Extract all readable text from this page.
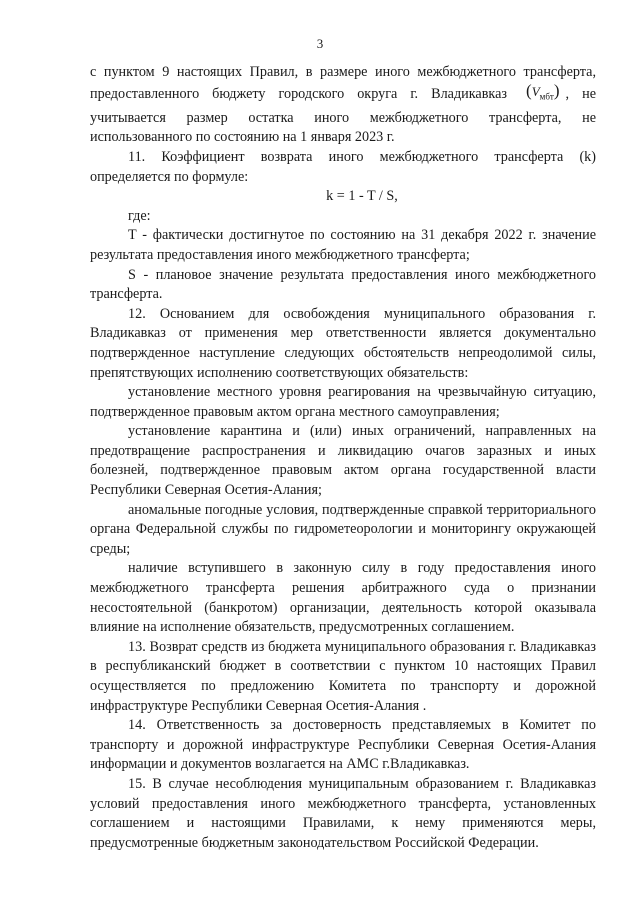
3

с пунктом 9 настоящих Правил, в размере иного межбюджетного трансферта, предоставленного бюджету городского округа г. Владикавказ $(V_{мбт})$ , не учитывается размер остатка иного межбюджетного трансферта, не использованного по состоянию на 1 января 2023 г.

11. Коэффициент возврата иного межбюджетного трансферта (k) определяется по формуле:

k = 1 - T / S,

где:

T - фактически достигнутое по состоянию на 31 декабря 2022 г. значение результата предоставления иного межбюджетного трансферта;

S - плановое значение результата предоставления иного межбюджетного трансферта.

12. Основанием для освобождения муниципального образования г. Владикавказ от применения мер ответственности является документально подтвержденное наступление следующих обстоятельств непреодолимой силы, препятствующих исполнению соответствующих обязательств:

установление местного уровня реагирования на чрезвычайную ситуацию, подтвержденное правовым актом органа местного самоуправления;

установление карантина и (или) иных ограничений, направленных на предотвращение распространения и ликвидацию очагов заразных и иных болезней, подтвержденное правовым актом органа государственной власти Республики Северная Осетия-Алания;

аномальные погодные условия, подтвержденные справкой территориального органа Федеральной службы по гидрометеорологии и мониторингу окружающей среды;

наличие вступившего в законную силу в году предоставления иного межбюджетного трансферта решения арбитражного суда о признании несостоятельной (банкротом) организации, деятельность которой оказывала влияние на исполнение обязательств, предусмотренных соглашением.

13. Возврат средств из бюджета муниципального образования г. Владикавказ в республиканский бюджет в соответствии с пунктом 10 настоящих Правил осуществляется по предложению Комитета по транспорту и дорожной инфраструктуре Республики Северная Осетия-Алания .

14. Ответственность за достоверность представляемых в Комитет по транспорту и дорожной инфраструктуре Республики Северная Осетия-Алания информации и документов возлагается на АМС г.Владикавказ.

15. В случае несоблюдения муниципальным образованием г. Владикавказ условий предоставления иного межбюджетного трансферта, установленных соглашением и настоящими Правилами, к нему применяются меры, предусмотренные бюджетным законодательством Российской Федерации.
